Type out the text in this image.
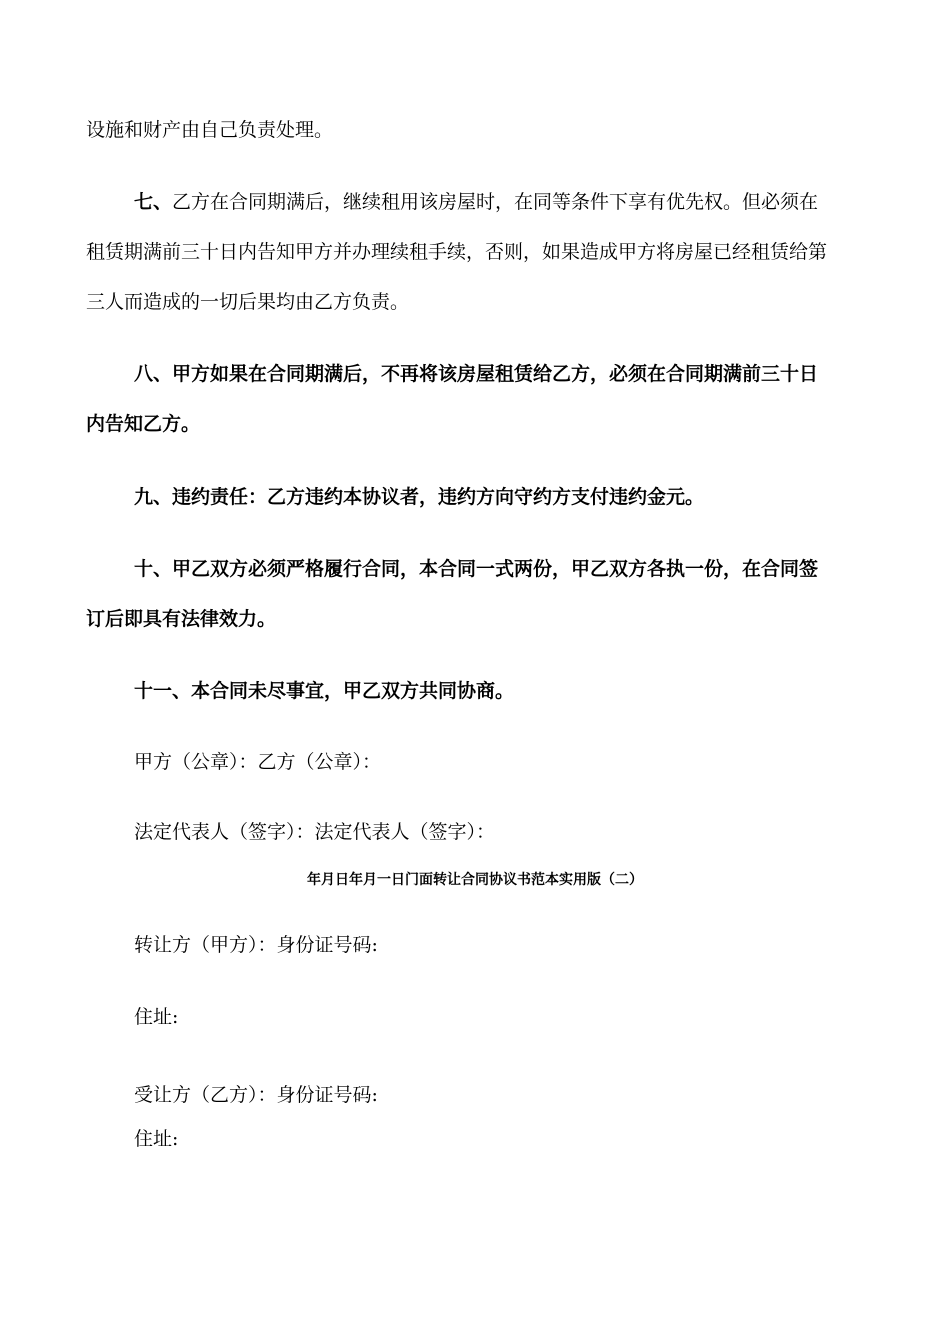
设施和财产由自己负责处理。
七、乙方在合同期满后，继续租用该房屋时，在同等条件下享有优先权。但必须在
租赁期满前三十日内告知甲方并办理续租手续，否则，如果造成甲方将房屋已经租赁给第
三人而造成的一切后果均由乙方负责。
八、甲方如果在合同期满后，不再将该房屋租赁给乙方，必须在合同期满前三十日
内告知乙方。
九、违约责任：乙方违约本协议者，违约方向守约方支付违约金元。
十、甲乙双方必须严格履行合同，本合同一式两份，甲乙双方各执一份，在合同签
订后即具有法律效力。
十一、本合同未尽事宜，甲乙双方共同协商。
甲方（公章）：乙方（公章）：
法定代表人（签字）：法定代表人（签字）：
年月日年月一日门面转让合同协议书范本实用版（二）
转让方（甲方）：身份证号码:
住址:
受让方（乙方）：身份证号码:
住址:
